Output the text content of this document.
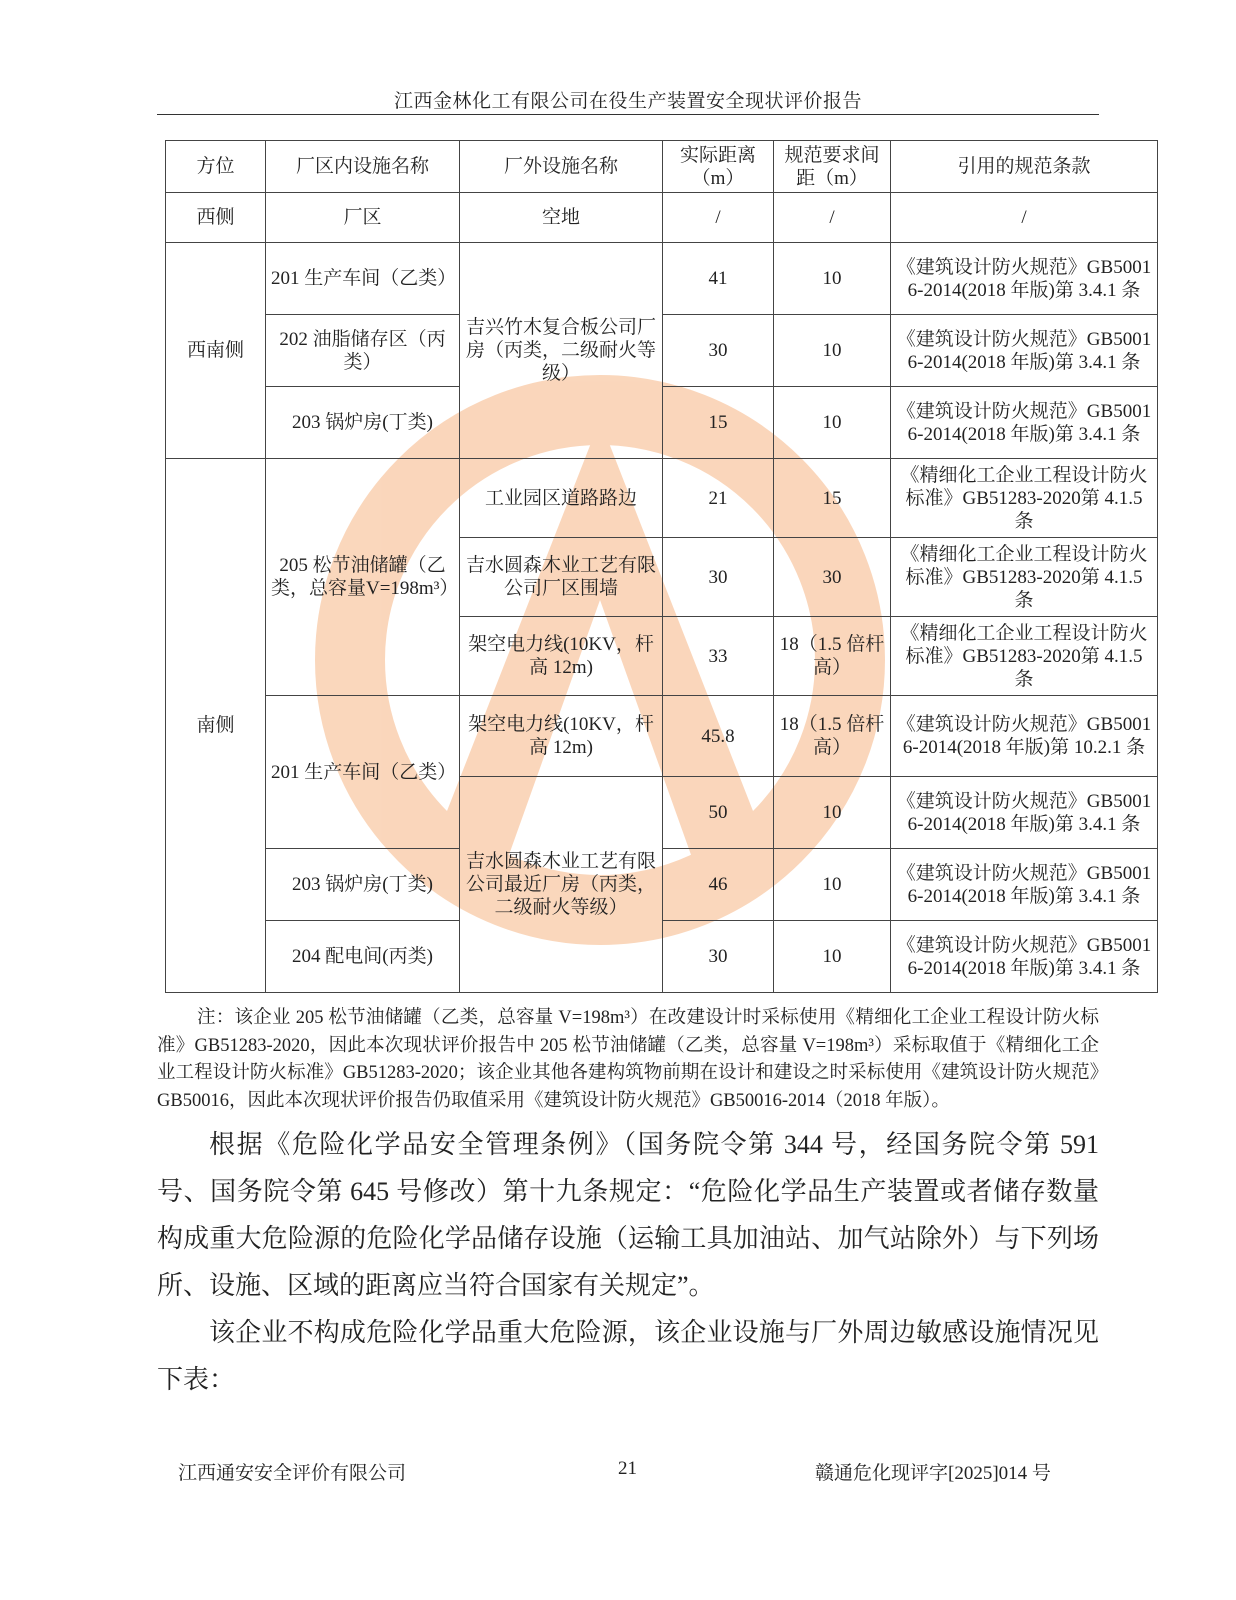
江西金林化工有限公司在役生产装置安全现状评价报告
方位	厂区内设施名称	厂外设施名称	实际距离（m）	规范要求间距（m）	引用的规范条款
西侧	厂区	空地	/	/	/
西南侧	201 生产车间（乙类）	吉兴竹木复合板公司厂房（丙类，二级耐火等级）	41	10	《建筑设计防火规范》GB50016-2014(2018 年版)第 3.4.1 条
	202 油脂储存区（丙类）		30	10	《建筑设计防火规范》GB50016-2014(2018 年版)第 3.4.1 条
	203 锅炉房(丁类)		15	10	《建筑设计防火规范》GB50016-2014(2018 年版)第 3.4.1 条
南侧	205 松节油储罐（乙类，总容量V=198m³）	工业园区道路路边	21	15	《精细化工企业工程设计防火标准》GB51283-2020第 4.1.5 条
		吉水圆森木业工艺有限公司厂区围墙	30	30	《精细化工企业工程设计防火标准》GB51283-2020第 4.1.5 条
		架空电力线(10KV，杆高 12m)	33	18（1.5 倍杆高）	《精细化工企业工程设计防火标准》GB51283-2020第 4.1.5 条
	201 生产车间（乙类）	架空电力线(10KV，杆高 12m)	45.8	18（1.5 倍杆高）	《建筑设计防火规范》GB50016-2014(2018 年版)第 10.2.1 条
		吉水圆森木业工艺有限公司最近厂房（丙类，二级耐火等级）	50	10	《建筑设计防火规范》GB50016-2014(2018 年版)第 3.4.1 条
	203 锅炉房(丁类)		46	10	《建筑设计防火规范》GB50016-2014(2018 年版)第 3.4.1 条
	204 配电间(丙类)		30	10	《建筑设计防火规范》GB50016-2014(2018 年版)第 3.4.1 条
注：该企业 205 松节油储罐（乙类，总容量 V=198m³）在改建设计时采标使用《精细化工企业工程设计防火标准》GB51283-2020，因此本次现状评价报告中 205 松节油储罐（乙类，总容量 V=198m³）采标取值于《精细化工企业工程设计防火标准》GB51283-2020；该企业其他各建构筑物前期在设计和建设之时采标使用《建筑设计防火规范》GB50016，因此本次现状评价报告仍取值采用《建筑设计防火规范》GB50016-2014（2018 年版）。
根据《危险化学品安全管理条例》（国务院令第 344 号，经国务院令第 591 号、国务院令第 645 号修改）第十九条规定：“危险化学品生产装置或者储存数量构成重大危险源的危险化学品储存设施（运输工具加油站、加气站除外）与下列场所、设施、区域的距离应当符合国家有关规定”。
该企业不构成危险化学品重大危险源，该企业设施与厂外周边敏感设施情况见下表：
江西通安安全评价有限公司	21	赣通危化现评字[2025]014 号
